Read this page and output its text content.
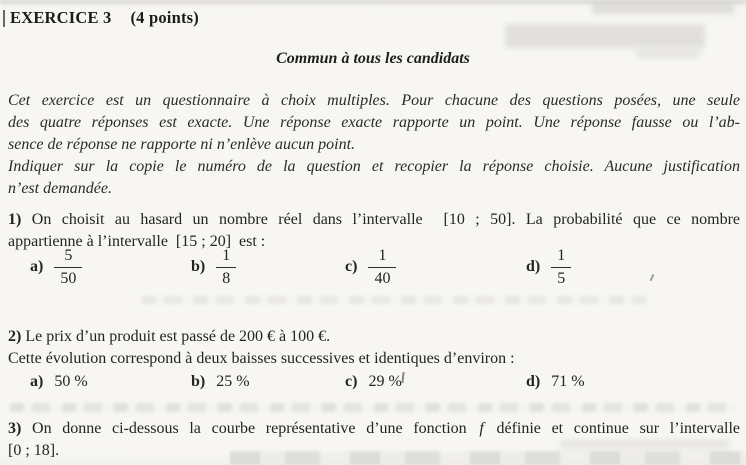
EXERCICE 3 (4 points)
Commun à tous les candidats
Cet exercice est un questionnaire à choix multiples. Pour chacune des questions posées, une seule
des quatre réponses est exacte. Une réponse exacte rapporte un point. Une réponse fausse ou l’ab-
sence de réponse ne rapporte ni n’enlève aucun point.
Indiquer sur la copie le numéro de la question et recopier la réponse choisie. Aucune justification
n’est demandée.
1) On choisit au hasard un nombre réel dans l’intervalle  [10 ; 50]. La probabilité que ce nombre
appartienne à l’intervalle  [15 ; 20]  est :
$a) \frac{5}{50}$	$b) \frac{1}{8}$	$c) \frac{1}{40}$	$d) \frac{1}{5}$
2) Le prix d’un produit est passé de 200 € à 100 €.
Cette évolution correspond à deux baisses successives et identiques d’environ :
a) 50 %	b) 25 %	c) 29 %	d) 71 %
3) On donne ci-dessous la courbe représentative d’une fonction f définie et continue sur l’intervalle
[0 ; 18].
